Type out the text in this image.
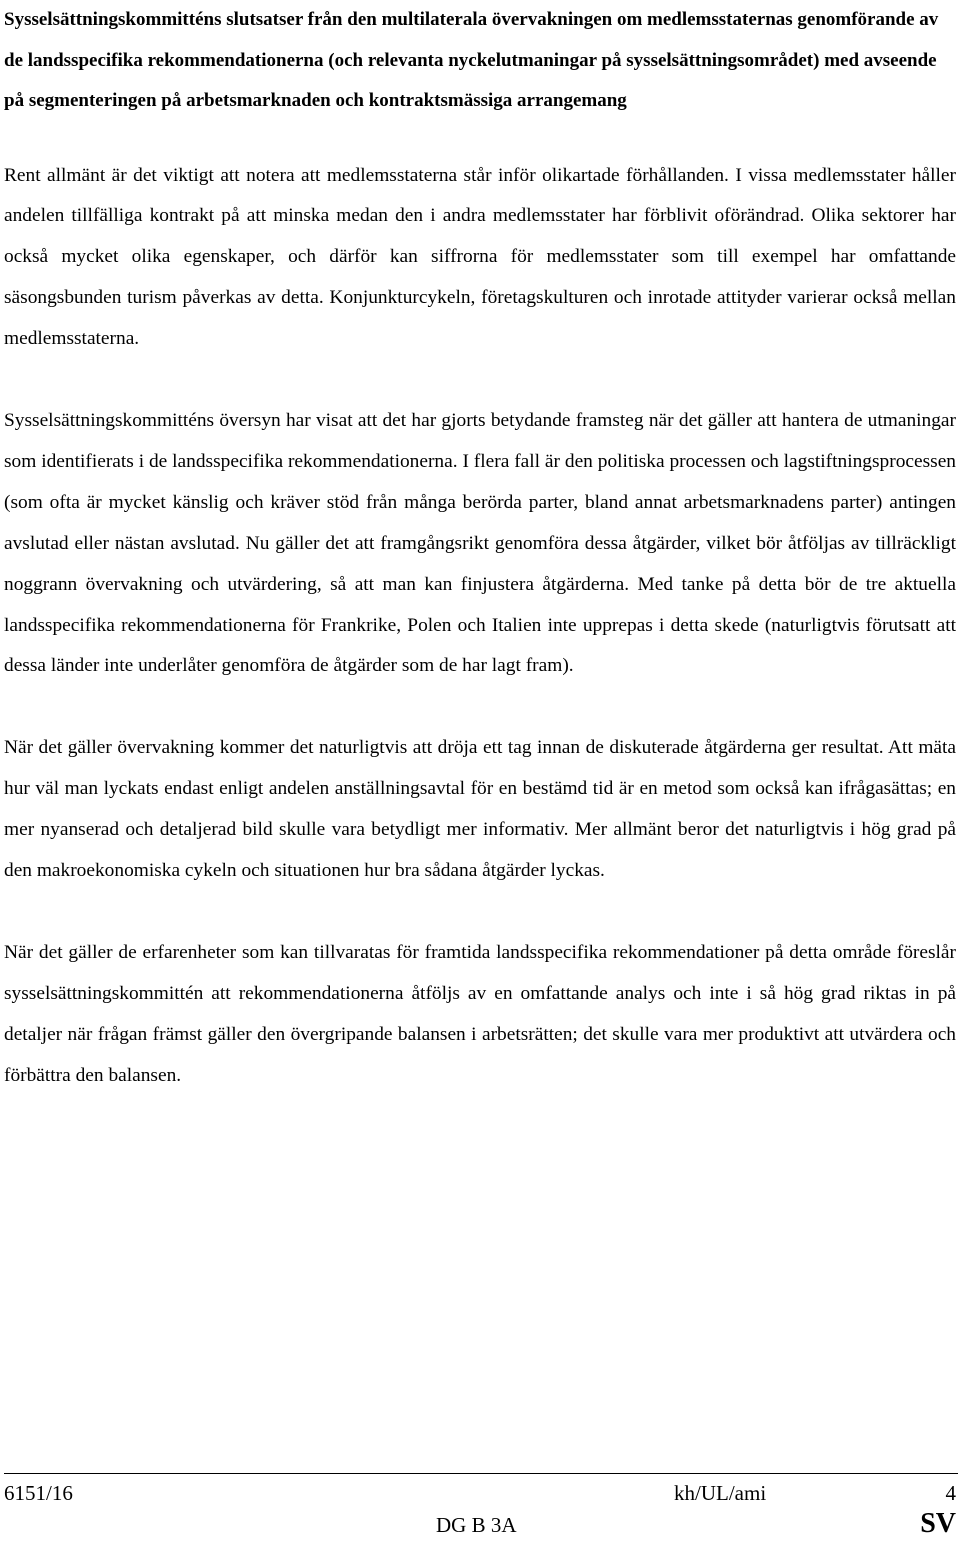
Sysselsättningskommitténs slutsatser från den multilaterala övervakningen om medlemsstaternas genomförande av de landsspecifika rekommendationerna (och relevanta nyckelutmaningar på sysselsättningsområdet) med avseende på segmenteringen på arbetsmarknaden och kontraktsmässiga arrangemang

Rent allmänt är det viktigt att notera att medlemsstaterna står inför olikartade förhållanden. I vissa medlemsstater håller andelen tillfälliga kontrakt på att minska medan den i andra medlemsstater har förblivit oförändrad. Olika sektorer har också mycket olika egenskaper, och därför kan siffrorna för medlemsstater som till exempel har omfattande säsongsbunden turism påverkas av detta. Konjunkturcykeln, företagskulturen och inrotade attityder varierar också mellan medlemsstaterna.

Sysselsättningskommitténs översyn har visat att det har gjorts betydande framsteg när det gäller att hantera de utmaningar som identifierats i de landsspecifika rekommendationerna. I flera fall är den politiska processen och lagstiftningsprocessen (som ofta är mycket känslig och kräver stöd från många berörda parter, bland annat arbetsmarknadens parter) antingen avslutad eller nästan avslutad. Nu gäller det att framgångsrikt genomföra dessa åtgärder, vilket bör åtföljas av tillräckligt noggrann övervakning och utvärdering, så att man kan finjustera åtgärderna. Med tanke på detta bör de tre aktuella landsspecifika rekommendationerna för Frankrike, Polen och Italien inte upprepas i detta skede (naturligtvis förutsatt att dessa länder inte underlåter genomföra de åtgärder som de har lagt fram).

När det gäller övervakning kommer det naturligtvis att dröja ett tag innan de diskuterade åtgärderna ger resultat. Att mäta hur väl man lyckats endast enligt andelen anställningsavtal för en bestämd tid är en metod som också kan ifrågasättas; en mer nyanserad och detaljerad bild skulle vara betydligt mer informativ. Mer allmänt beror det naturligtvis i hög grad på den makroekonomiska cykeln och situationen hur bra sådana åtgärder lyckas.

När det gäller de erfarenheter som kan tillvaratas för framtida landsspecifika rekommendationer på detta område föreslår sysselsättningskommittén att rekommendationerna åtföljs av en omfattande analys och inte i så hög grad riktas in på detaljer när frågan främst gäller den övergripande balansen i arbetsrätten; det skulle vara mer produktivt att utvärdera och förbättra den balansen.

6151/16	kh/UL/ami	4
DG B 3A	SV
